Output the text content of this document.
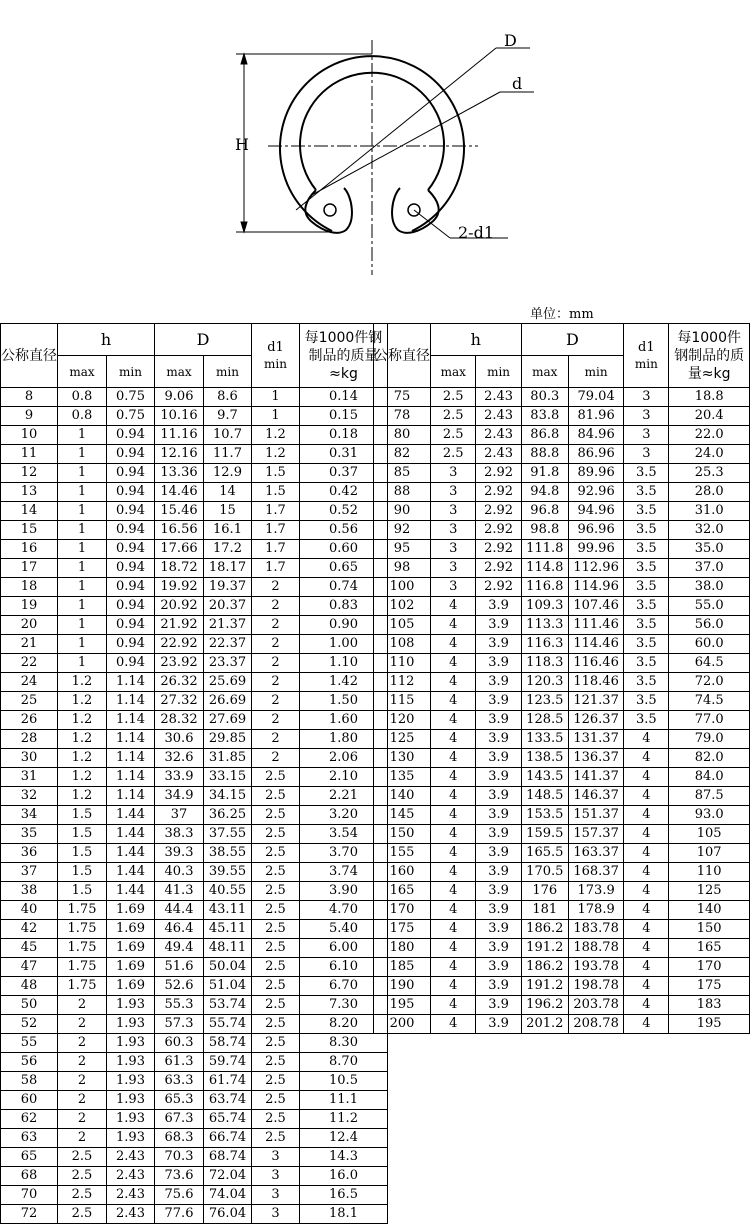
D
d
H
2-d1
单位：mm
公称直径	h		D		d1
min	每1000件钢制品的质量≈kg
	max	min	max	min		
8	0.8	0.75	9.06	8.6	1	0.14
9	0.8	0.75	10.16	9.7	1	0.15
10	1	0.94	11.16	10.7	1.2	0.18
11	1	0.94	12.16	11.7	1.2	0.31
12	1	0.94	13.36	12.9	1.5	0.37
13	1	0.94	14.46	14	1.5	0.42
14	1	0.94	15.46	15	1.7	0.52
15	1	0.94	16.56	16.1	1.7	0.56
16	1	0.94	17.66	17.2	1.7	0.60
17	1	0.94	18.72	18.17	1.7	0.65
18	1	0.94	19.92	19.37	2	0.74
19	1	0.94	20.92	20.37	2	0.83
20	1	0.94	21.92	21.37	2	0.90
21	1	0.94	22.92	22.37	2	1.00
22	1	0.94	23.92	23.37	2	1.10
24	1.2	1.14	26.32	25.69	2	1.42
25	1.2	1.14	27.32	26.69	2	1.50
26	1.2	1.14	28.32	27.69	2	1.60
28	1.2	1.14	30.6	29.85	2	1.80
30	1.2	1.14	32.6	31.85	2	2.06
31	1.2	1.14	33.9	33.15	2.5	2.10
32	1.2	1.14	34.9	34.15	2.5	2.21
34	1.5	1.44	37	36.25	2.5	3.20
35	1.5	1.44	38.3	37.55	2.5	3.54
36	1.5	1.44	39.3	38.55	2.5	3.70
37	1.5	1.44	40.3	39.55	2.5	3.74
38	1.5	1.44	41.3	40.55	2.5	3.90
40	1.75	1.69	44.4	43.11	2.5	4.70
42	1.75	1.69	46.4	45.11	2.5	5.40
45	1.75	1.69	49.4	48.11	2.5	6.00
47	1.75	1.69	51.6	50.04	2.5	6.10
48	1.75	1.69	52.6	51.04	2.5	6.70
50	2	1.93	55.3	53.74	2.5	7.30
52	2	1.93	57.3	55.74	2.5	8.20
55	2	1.93	60.3	58.74	2.5	8.30
56	2	1.93	61.3	59.74	2.5	8.70
58	2	1.93	63.3	61.74	2.5	10.5
60	2	1.93	65.3	63.74	2.5	11.1
62	2	1.93	67.3	65.74	2.5	11.2
63	2	1.93	68.3	66.74	2.5	12.4
65	2.5	2.43	70.3	68.74	3	14.3
68	2.5	2.43	73.6	72.04	3	16.0
70	2.5	2.43	75.6	74.04	3	16.5
72	2.5	2.43	77.6	76.04	3	18.1
公称直径	h		D		d1
min	每1000件钢制品的质量≈kg
	max	min	max	min		
75	2.5	2.43	80.3	79.04	3	18.8
78	2.5	2.43	83.8	81.96	3	20.4
80	2.5	2.43	86.8	84.96	3	22.0
82	2.5	2.43	88.8	86.96	3	24.0
85	3	2.92	91.8	89.96	3.5	25.3
88	3	2.92	94.8	92.96	3.5	28.0
90	3	2.92	96.8	94.96	3.5	31.0
92	3	2.92	98.8	96.96	3.5	32.0
95	3	2.92	111.8	99.96	3.5	35.0
98	3	2.92	114.8	112.96	3.5	37.0
100	3	2.92	116.8	114.96	3.5	38.0
102	4	3.9	109.3	107.46	3.5	55.0
105	4	3.9	113.3	111.46	3.5	56.0
108	4	3.9	116.3	114.46	3.5	60.0
110	4	3.9	118.3	116.46	3.5	64.5
112	4	3.9	120.3	118.46	3.5	72.0
115	4	3.9	123.5	121.37	3.5	74.5
120	4	3.9	128.5	126.37	3.5	77.0
125	4	3.9	133.5	131.37	4	79.0
130	4	3.9	138.5	136.37	4	82.0
135	4	3.9	143.5	141.37	4	84.0
140	4	3.9	148.5	146.37	4	87.5
145	4	3.9	153.5	151.37	4	93.0
150	4	3.9	159.5	157.37	4	105
155	4	3.9	165.5	163.37	4	107
160	4	3.9	170.5	168.37	4	110
165	4	3.9	176	173.9	4	125
170	4	3.9	181	178.9	4	140
175	4	3.9	186.2	183.78	4	150
180	4	3.9	191.2	188.78	4	165
185	4	3.9	186.2	193.78	4	170
190	4	3.9	191.2	198.78	4	175
195	4	3.9	196.2	203.78	4	183
200	4	3.9	201.2	208.78	4	195
